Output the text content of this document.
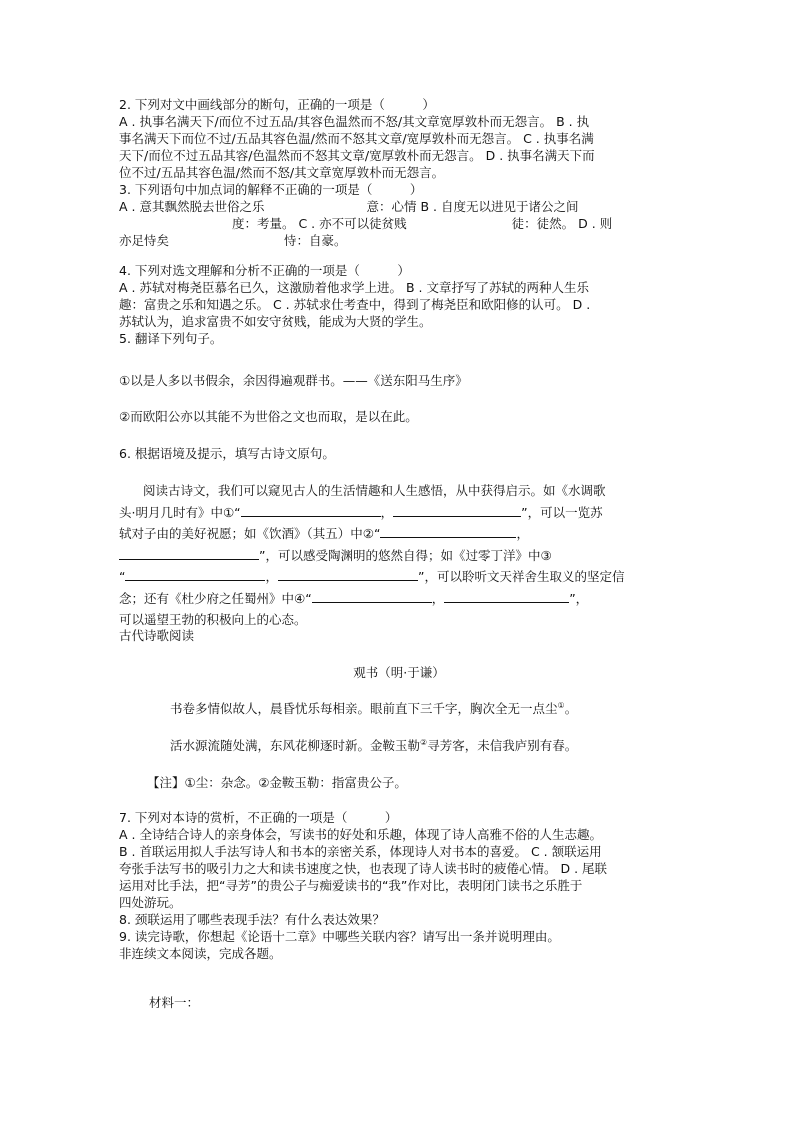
2. 下列对文中画线部分的断句，正确的一项是（　　　）
A . 执事名满天下/而位不过五品/其容色温然而不怒/其文章宽厚敦朴而无怨言。 B . 执
事名满天下而位不过/五品其容色温/然而不怒其文章/宽厚敦朴而无怨言。 C . 执事名满
天下/而位不过五品其容/色温然而不怒其文章/宽厚敦朴而无怨言。 D . 执事名满天下而
位不过/五品其容色温/然而不怒/其文章宽厚敦朴而无怨言。
3. 下列语句中加点词的解释不正确的一项是（　　　）
A . 意其飘然脱去世俗之乐	意：心情 B . 自度无以进见于诸公之间
度：考量。 C . 亦不可以徒贫贱	徒：徒然。 D . 则
亦足恃矣	恃：自豪。
4. 下列对选文理解和分析不正确的一项是（　　　）
A . 苏轼对梅尧臣慕名已久，这激励着他求学上进。 B . 文章抒写了苏轼的两种人生乐
趣：富贵之乐和知遇之乐。 C . 苏轼求仕考查中，得到了梅尧臣和欧阳修的认可。 D .
苏轼认为，追求富贵不如安守贫贱，能成为大贤的学生。
5. 翻译下列句子。
①以是人多以书假余，余因得遍观群书。——《送东阳马生序》
②而欧阳公亦以其能不为世俗之文也而取，是以在此。
6. 根据语境及提示，填写古诗文原句。
阅读古诗文，我们可以窥见古人的生活情趣和人生感悟，从中获得启示。如《水调歌
头·明月几时有》中①“	，	”，可以一览苏
轼对子由的美好祝愿；如《饮酒》（其五）中②“	，
”，可以感受陶渊明的悠然自得；如《过零丁洋》中③
“	，	”，可以聆听文天祥舍生取义的坚定信
念；还有《杜少府之任蜀州》中④“	，	”，
可以遥望王勃的积极向上的心态。
古代诗歌阅读
观书（明·于谦）
书卷多情似故人，晨昏忧乐每相亲。眼前直下三千字，胸次全无一点尘①。
活水源流随处满，东风花柳逐时新。金鞍玉勒②寻芳客，未信我庐别有春。
【注】①尘：杂念。②金鞍玉勒：指富贵公子。
7. 下列对本诗的赏析，不正确的一项是（　　　）
A . 全诗结合诗人的亲身体会，写读书的好处和乐趣，体现了诗人高雅不俗的人生志趣。
B . 首联运用拟人手法写诗人和书本的亲密关系，体现诗人对书本的喜爱。 C . 颔联运用
夸张手法写书的吸引力之大和读书速度之快，也表现了诗人读书时的疲倦心情。 D . 尾联
运用对比手法，把“寻芳”的贵公子与痴爱读书的“我”作对比，表明闭门读书之乐胜于
四处游玩。
8. 颈联运用了哪些表现手法？有什么表达效果？
9. 读完诗歌，你想起《论语十二章》中哪些关联内容？请写出一条并说明理由。
非连续文本阅读，完成各题。
材料一：
